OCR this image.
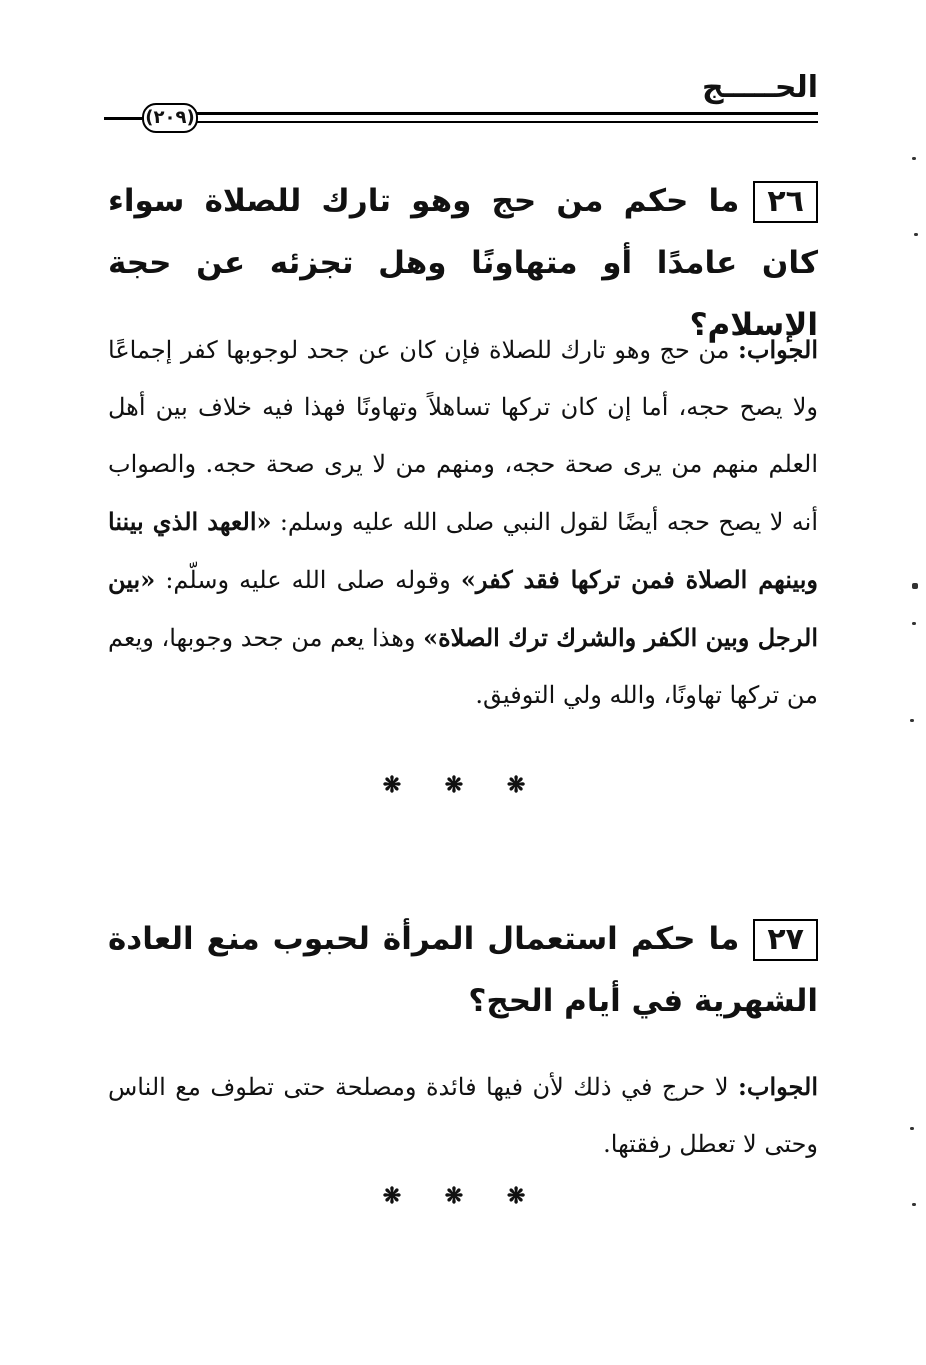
الحـــــج
(٢٠٩)
٢٦ما حكم من حج وهو تارك للصلاة سواء كان عامدًا أو متهاونًا وهل تجزئه عن حجة الإسلام؟
الجواب: من حج وهو تارك للصلاة فإن كان عن جحد لوجوبها كفر إجماعًا ولا يصح حجه، أما إن كان تركها تساهلاً وتهاونًا فهذا فيه خلاف بين أهل العلم منهم من يرى صحة حجه، ومنهم من لا يرى صحة حجه. والصواب أنه لا يصح حجه أيضًا لقول النبي صلى الله عليه وسلم: «العهد الذي بيننا وبينهم الصلاة فمن تركها فقد كفر» وقوله صلى الله عليه وسلّم: «بين الرجل وبين الكفر والشرك ترك الصلاة» وهذا يعم من جحد وجوبها، ويعم من تركها تهاونًا، والله ولي التوفيق.
❋ ❋ ❋
٢٧ما حكم استعمال المرأة لحبوب منع العادة الشهرية في أيام الحج؟
الجواب: لا حرج في ذلك لأن فيها فائدة ومصلحة حتى تطوف مع الناس وحتى لا تعطل رفقتها.
❋ ❋ ❋
